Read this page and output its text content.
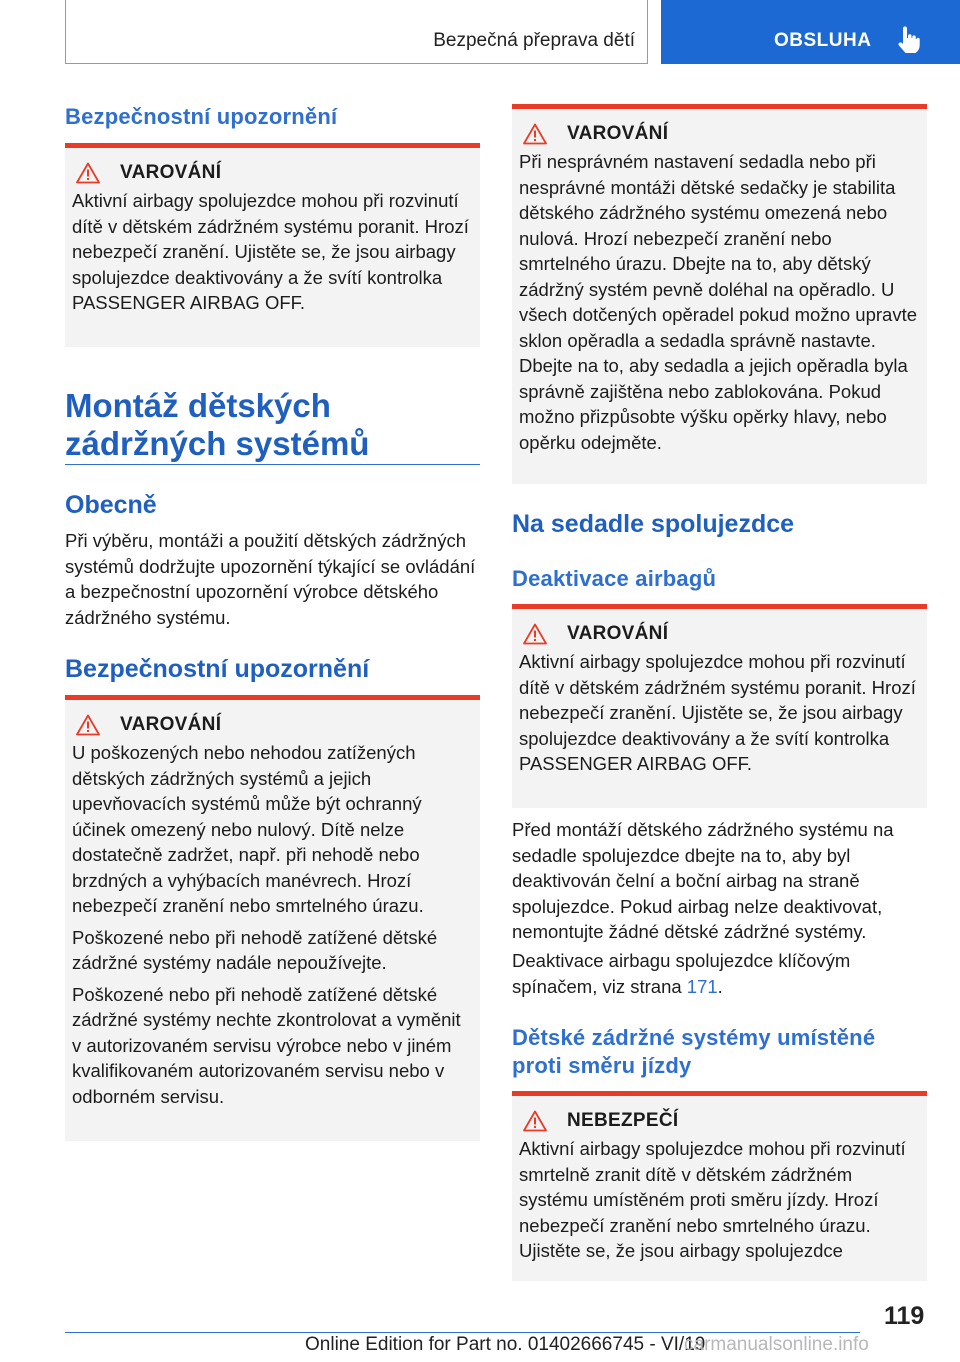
Bezpečná přeprava dětí	OBSLUHA
Bezpečnostní upozornění
VAROVÁNÍ

Aktivní airbagy spolujezdce mohou při rozvinutí dítě v dětském zádržném systému poranit. Hrozí nebezpečí zranění. Ujistěte se, že jsou airbagy spolujezdce deaktivovány a že svítí kontrolka PASSENGER AIRBAG OFF.

Montáž dětských zádržných systémů
Obecně

Při výběru, montáži a použití dětských zádržných systémů dodržujte upozornění týkající se ovládání a bezpečnostní upozornění výrobce dětského zádržného systému.

Bezpečnostní upozornění
VAROVÁNÍ

U poškozených nebo nehodou zatížených dětských zádržných systémů a jejich upevňovacích systémů může být ochranný účinek omezený nebo nulový. Dítě nelze dostatečně zadržet, např. při nehodě nebo brzdných a vyhýbacích manévrech. Hrozí nebezpečí zranění nebo smrtelného úrazu.

Poškozené nebo při nehodě zatížené dětské zádržné systémy nadále nepoužívejte.

Poškozené nebo při nehodě zatížené dětské zádržné systémy nechte zkontrolovat a vyměnit v autorizovaném servisu výrobce nebo v jiném kvalifikovaném autorizovaném servisu nebo v odborném servisu.

VAROVÁNÍ

Při nesprávném nastavení sedadla nebo při nesprávné montáži dětské sedačky je stabilita dětského zádržného systému omezená nebo nulová. Hrozí nebezpečí zranění nebo smrtelného úrazu. Dbejte na to, aby dětský zádržný systém pevně doléhal na opěradlo. U všech dotčených opěradel pokud možno upravte sklon opěradla a sedadla správně nastavte. Dbejte na to, aby sedadla a jejich opěradla byla správně zajištěna nebo zablokována. Pokud možno přizpůsobte výšku opěrky hlavy, nebo opěrku odejměte.

Na sedadle spolujezdce
Deaktivace airbagů
VAROVÁNÍ

Aktivní airbagy spolujezdce mohou při rozvinutí dítě v dětském zádržném systému poranit. Hrozí nebezpečí zranění. Ujistěte se, že jsou airbagy spolujezdce deaktivovány a že svítí kontrolka PASSENGER AIRBAG OFF.

Před montáží dětského zádržného systému na sedadle spolujezdce dbejte na to, aby byl deaktivován čelní a boční airbag na straně spolujezdce. Pokud airbag nelze deaktivovat, nemontujte žádné dětské zádržné systémy.

Deaktivace airbagu spolujezdce klíčovým spínačem, viz strana 171.

Dětské zádržné systémy umístěné proti směru jízdy
NEBEZPEČÍ

Aktivní airbagy spolujezdce mohou při rozvinutí smrtelně zranit dítě v dětském zádržném systému umístěném proti směru jízdy. Hrozí nebezpečí zranění nebo smrtelného úrazu. Ujistěte se, že jsou airbagy spolujezdce

119
Online Edition for Part no. 01402666745 - VI/19
carmanualsonline.info
